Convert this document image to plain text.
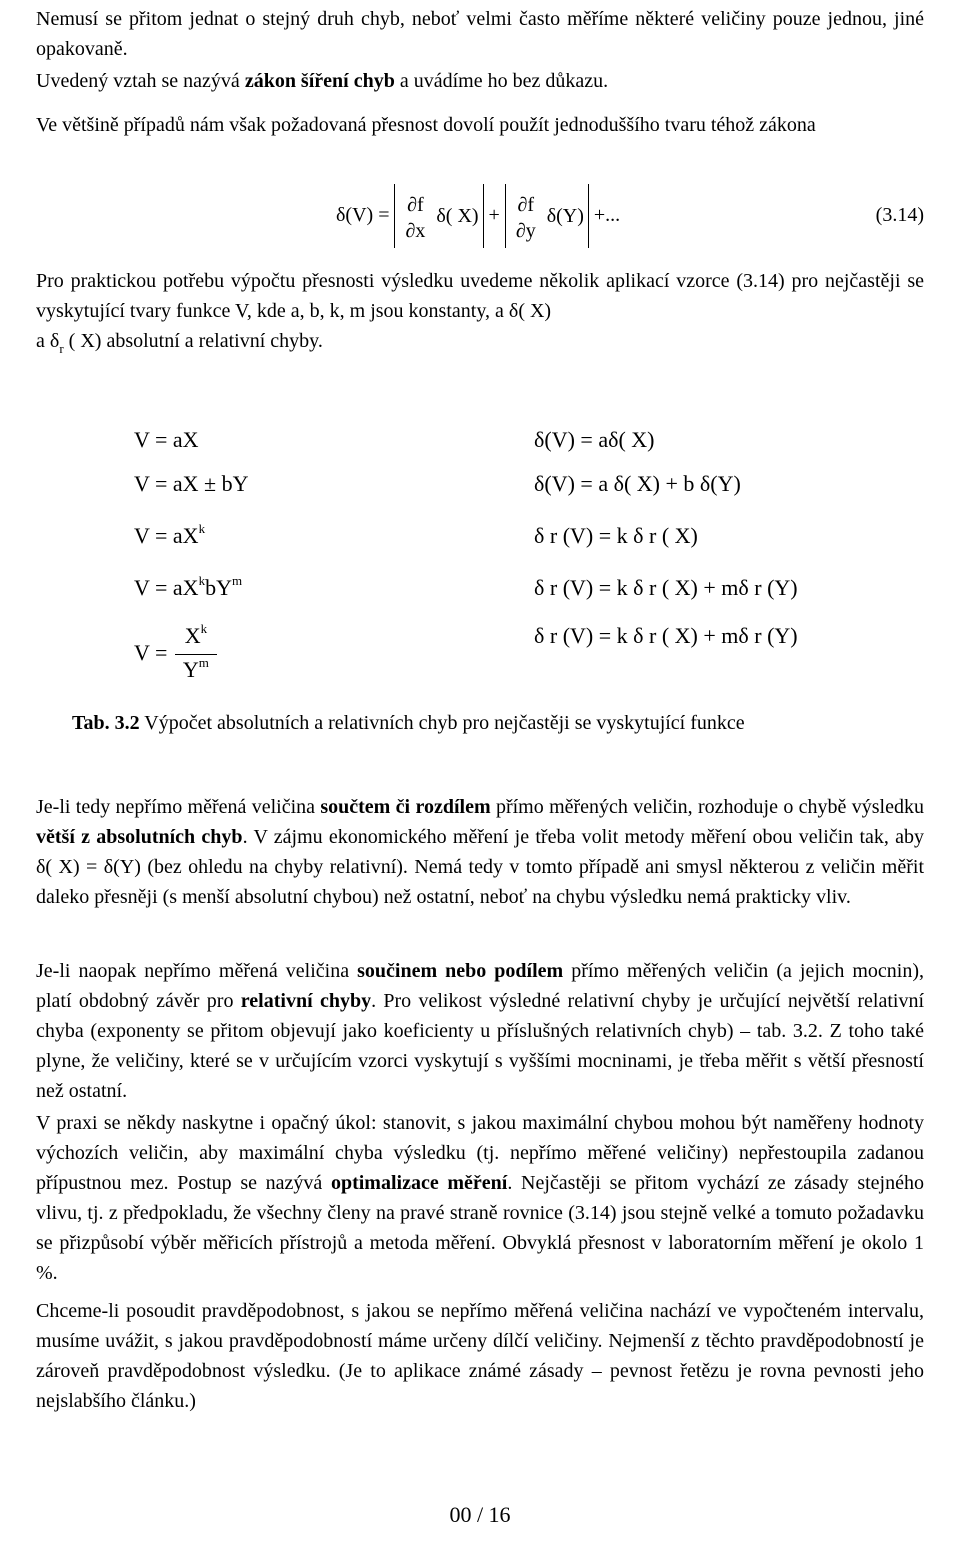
Nemusí se přitom jednat o stejný druh chyb, neboť velmi často měříme některé veličiny pouze jednou, jiné opakovaně.

Uvedený vztah se nazývá zákon šíření chyb a uvádíme ho bez důkazu.

Ve většině případů nám však požadovaná přesnost dovolí použít jednoduššího tvaru téhož zákona

δ(V) = ∂f
∂x
δ( X) + ∂f
∂y
δ(Y) +...	(3.14)

Pro praktickou potřebu výpočtu přesnosti výsledku uvedeme několik aplikací vzorce (3.14) pro nejčastěji se vyskytující tvary funkce V, kde a, b, k, m jsou konstanty, a δ( X)
a $\delta_r$ ( X) absolutní a relativní chyby.

V = aX
V = aX ± bY
$V = aX^k$
$V = aX^kbY^m$
$V = \frac{X^k}{Y^m}$
δ(V) = aδ( X)
δ(V) = a δ( X) + b δ(Y)
δ r (V) = k δ r ( X)
δ r (V) = k δ r ( X) + mδ r (Y)
δ r (V) = k δ r ( X) + mδ r (Y)

Tab. 3.2 Výpočet absolutních a relativních chyb pro nejčastěji se vyskytující funkce

Je-li tedy nepřímo měřená veličina součtem či rozdílem přímo měřených veličin, rozhoduje o chybě výsledku větší z absolutních chyb. V zájmu ekonomického měření je třeba volit metody měření obou veličin tak, aby δ( X) = δ(Y) (bez ohledu na chyby relativní). Nemá tedy v tomto případě ani smysl některou z veličin měřit daleko přesněji (s menší absolutní chybou) než ostatní, neboť na chybu výsledku nemá prakticky vliv.

Je-li naopak nepřímo měřená veličina součinem nebo podílem přímo měřených veličin (a jejich mocnin), platí obdobný závěr pro relativní chyby. Pro velikost výsledné relativní chyby je určující největší relativní chyba (exponenty se přitom objevují jako koeficienty u příslušných relativních chyb) – tab. 3.2. Z toho také plyne, že veličiny, které se v určujícím vzorci vyskytují s vyššími mocninami, je třeba měřit s větší přesností než ostatní.

V praxi se někdy naskytne i opačný úkol: stanovit, s jakou maximální chybou mohou být naměřeny hodnoty výchozích veličin, aby maximální chyba výsledku (tj. nepřímo měřené veličiny) nepřestoupila zadanou přípustnou mez. Postup se nazývá optimalizace měření. Nejčastěji se přitom vychází ze zásady stejného vlivu, tj. z předpokladu, že všechny členy na pravé straně rovnice (3.14) jsou stejně velké a tomuto požadavku se přizpůsobí výběr měřicích přístrojů a metoda měření. Obvyklá přesnost v laboratorním měření je okolo 1 %.

Chceme-li posoudit pravděpodobnost, s jakou se nepřímo měřená veličina nachází ve vypočteném intervalu, musíme uvážit, s jakou pravděpodobností máme určeny dílčí veličiny. Nejmenší z těchto pravděpodobností je zároveň pravděpodobnost výsledku. (Je to aplikace známé zásady – pevnost řetězu je rovna pevnosti jeho nejslabšího článku.)

00 / 16
